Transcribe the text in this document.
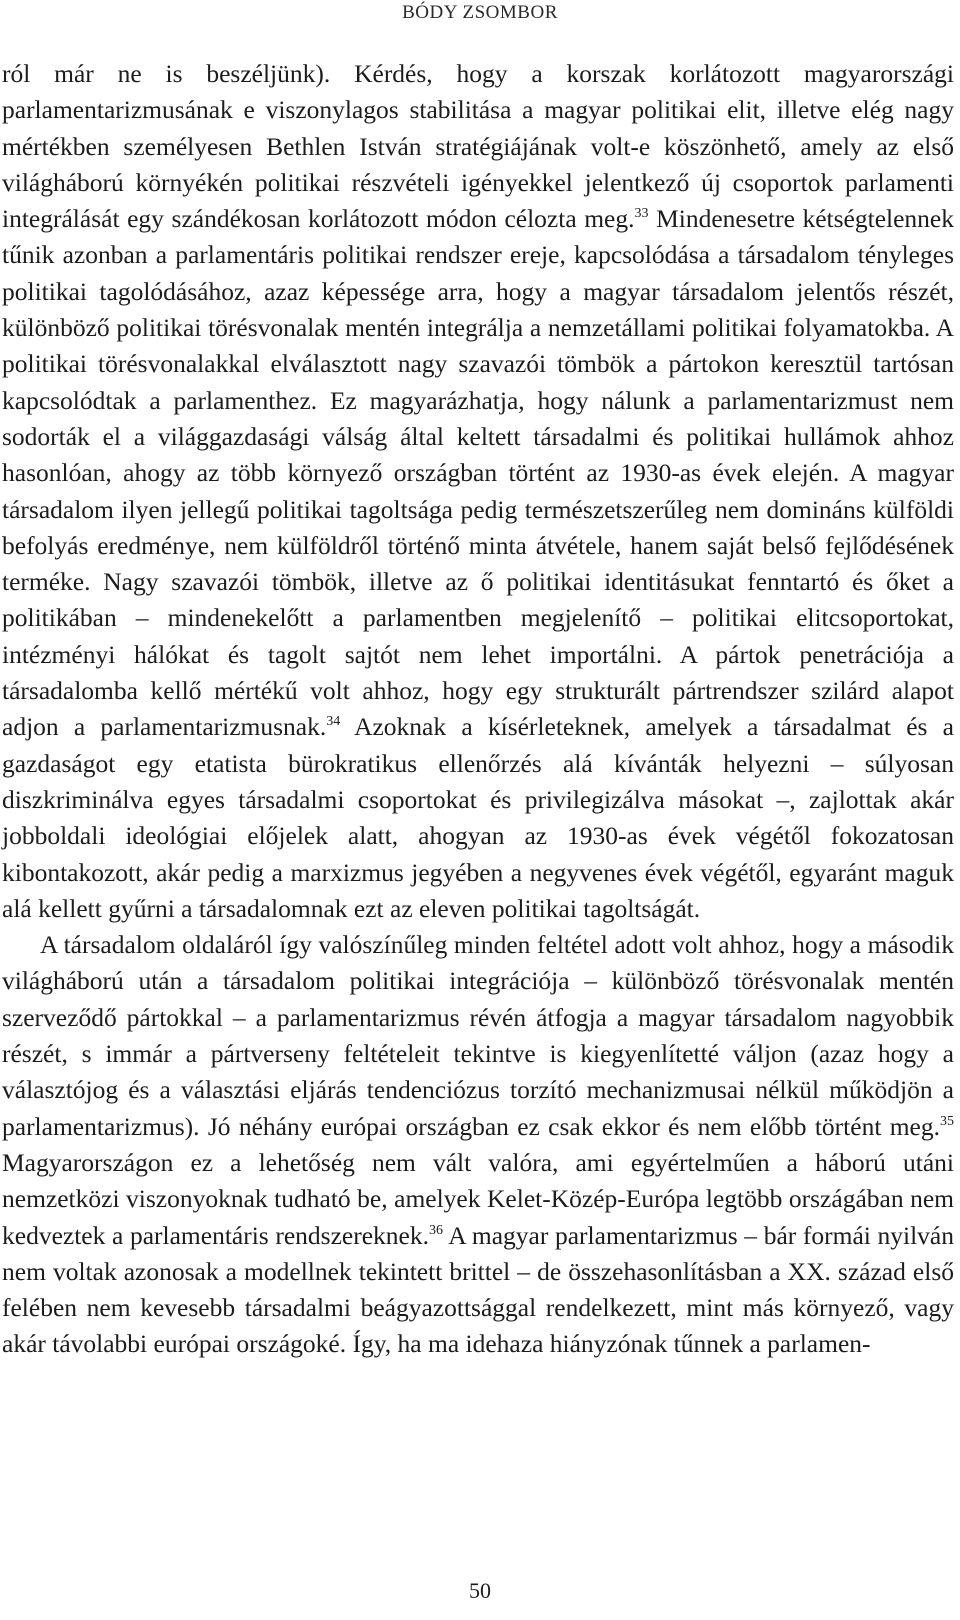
BÓDY ZSOMBOR

ról már ne is beszéljünk). Kérdés, hogy a korszak korlátozott magyarországi parlamentarizmusának e viszonylagos stabilitása a magyar politikai elit, illetve elég nagy mértékben személyesen Bethlen István stratégiájának volt-e köszönhető, amely az első világháború környékén politikai részvételi igényekkel jelentkező új csoportok parlamenti integrálását egy szándékosan korlátozott módon célozta meg.$^{33}$ Mindenesetre kétségtelennek tűnik azonban a parlamentáris politikai rendszer ereje, kapcsolódása a társadalom tényleges politikai tagolódásához, azaz képessége arra, hogy a magyar társadalom jelentős részét, különböző politikai törésvonalak mentén integrálja a nemzetállami politikai folyamatokba. A politikai törésvonalakkal elválasztott nagy szavazói tömbök a pártokon keresztül tartósan kapcsolódtak a parlamenthez. Ez magyarázhatja, hogy nálunk a parlamentarizmust nem sodorták el a világgazdasági válság által keltett társadalmi és politikai hullámok ahhoz hasonlóan, ahogy az több környező országban történt az 1930-as évek elején. A magyar társadalom ilyen jellegű politikai tagoltsága pedig természetszerűleg nem domináns külföldi befolyás eredménye, nem külföldről történő minta átvétele, hanem saját belső fejlődésének terméke. Nagy szavazói tömbök, illetve az ő politikai identitásukat fenntartó és őket a politikában – mindenekelőtt a parlamentben megjelenítő – politikai elitcsoportokat, intézményi hálókat és tagolt sajtót nem lehet importálni. A pártok penetrációja a társadalomba kellő mértékű volt ahhoz, hogy egy strukturált pártrendszer szilárd alapot adjon a parlamentarizmusnak.$^{34}$ Azoknak a kísérleteknek, amelyek a társadalmat és a gazdaságot egy etatista bürokratikus ellenőrzés alá kívánták helyezni – súlyosan diszkriminálva egyes társadalmi csoportokat és privilegizálva másokat –, zajlottak akár jobboldali ideológiai előjelek alatt, ahogyan az 1930-as évek végétől fokozatosan kibontakozott, akár pedig a marxizmus jegyében a negyvenes évek végétől, egyaránt maguk alá kellett gyűrni a társadalomnak ezt az eleven politikai tagoltságát.

A társadalom oldaláról így valószínűleg minden feltétel adott volt ahhoz, hogy a második világháború után a társadalom politikai integrációja – különböző törésvonalak mentén szerveződő pártokkal – a parlamentarizmus révén átfogja a magyar társadalom nagyobbik részét, s immár a pártverseny feltételeit tekintve is kiegyenlítetté váljon (azaz hogy a választójog és a választási eljárás tendenciózus torzító mechanizmusai nélkül működjön a parlamentarizmus). Jó néhány európai országban ez csak ekkor és nem előbb történt meg.$^{35}$ Magyarországon ez a lehetőség nem vált valóra, ami egyértelműen a háború utáni nemzetközi viszonyoknak tudható be, amelyek Kelet-Közép-Európa legtöbb országában nem kedveztek a parlamentáris rendszereknek.$^{36}$ A magyar parlamentarizmus – bár formái nyilván nem voltak azonosak a modellnek tekintett brittel – de összehasonlításban a XX. század első felében nem kevesebb társadalmi beágyazottsággal rendelkezett, mint más környező, vagy akár távolabbi európai országoké. Így, ha ma idehaza hiányzónak tűnnek a parlamen-

50
